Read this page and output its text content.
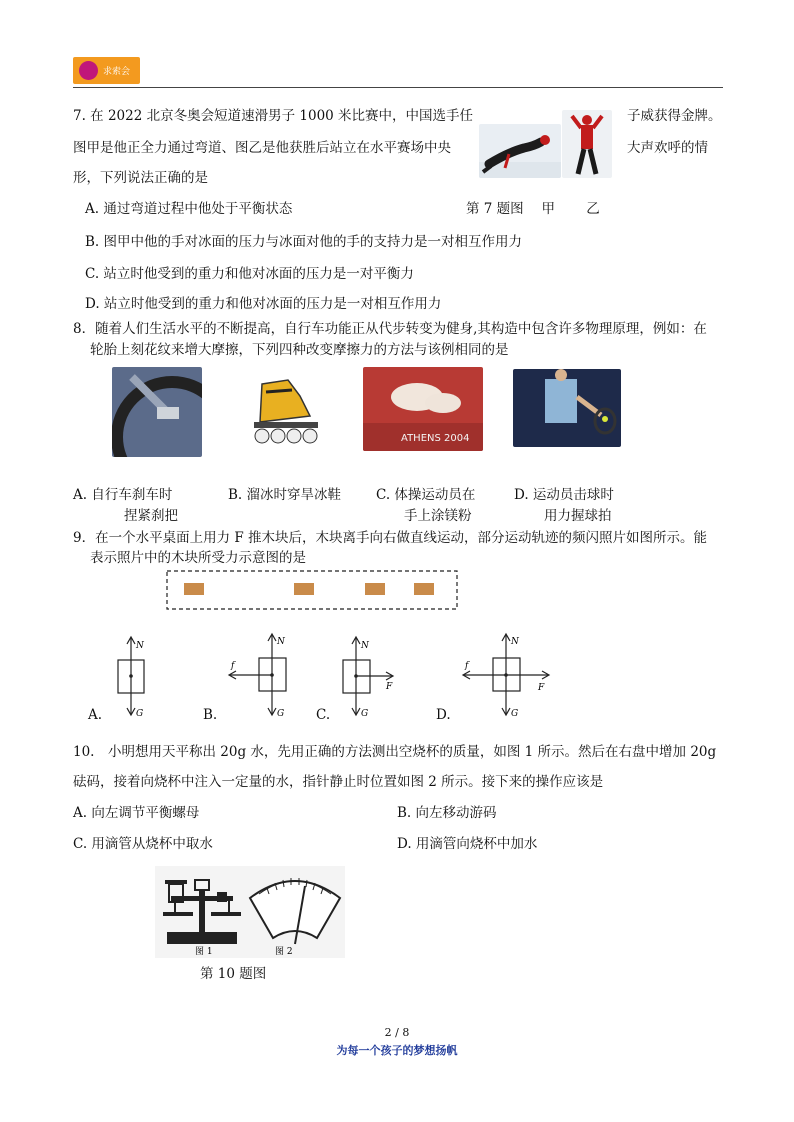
求索会
7. 在 2022 北京冬奥会短道速滑男子 1000 米比赛中，中国选手任	子威获得金牌。
图甲是他正全力通过弯道、图乙是他获胜后站立在水平赛场中央	大声欢呼的情
形，下列说法正确的是
A. 通过弯道过程中他处于平衡状态	第 7 题图　 甲　　 乙
B. 图甲中他的手对冰面的压力与冰面对他的手的支持力是一对相互作用力
C. 站立时他受到的重力和他对冰面的压力是一对平衡力
D. 站立时他受到的重力和他对冰面的压力是一对相互作用力
8．随着人们生活水平的不断提高，自行车功能正从代步转变为健身,其构造中包含许多物理原理，例如：在
轮胎上刻花纹来增大摩擦，下列四种改变摩擦力的方法与该例相同的是
ATHENS 2004
A. 自行车刹车时
捏紧刹把
B. 溜冰时穿旱冰鞋	C. 体操运动员在
手上涂镁粉
D. 运动员击球时
用力握球拍
9．在一个水平桌面上用力 F 推木块后，木块离手向右做直线运动，部分运动轨迹的频闪照片如图所示。能
表示照片中的木块所受力示意图的是
N
G
A.
N
G
f
B.
N
G
F
C.
N
G
f
F
D.
10.　小明想用天平称出 20g 水，先用正确的方法测出空烧杯的质量，如图 1 所示。然后在右盘中增加 20g
砝码，接着向烧杯中注入一定量的水，指针静止时位置如图 2 所示。接下来的操作应该是
A. 向左调节平衡螺母	B. 向左移动游码
C. 用滴管从烧杯中取水	D. 用滴管向烧杯中加水
图 1	图 2
第 10 题图
2 / 8
为每一个孩子的梦想扬帆
